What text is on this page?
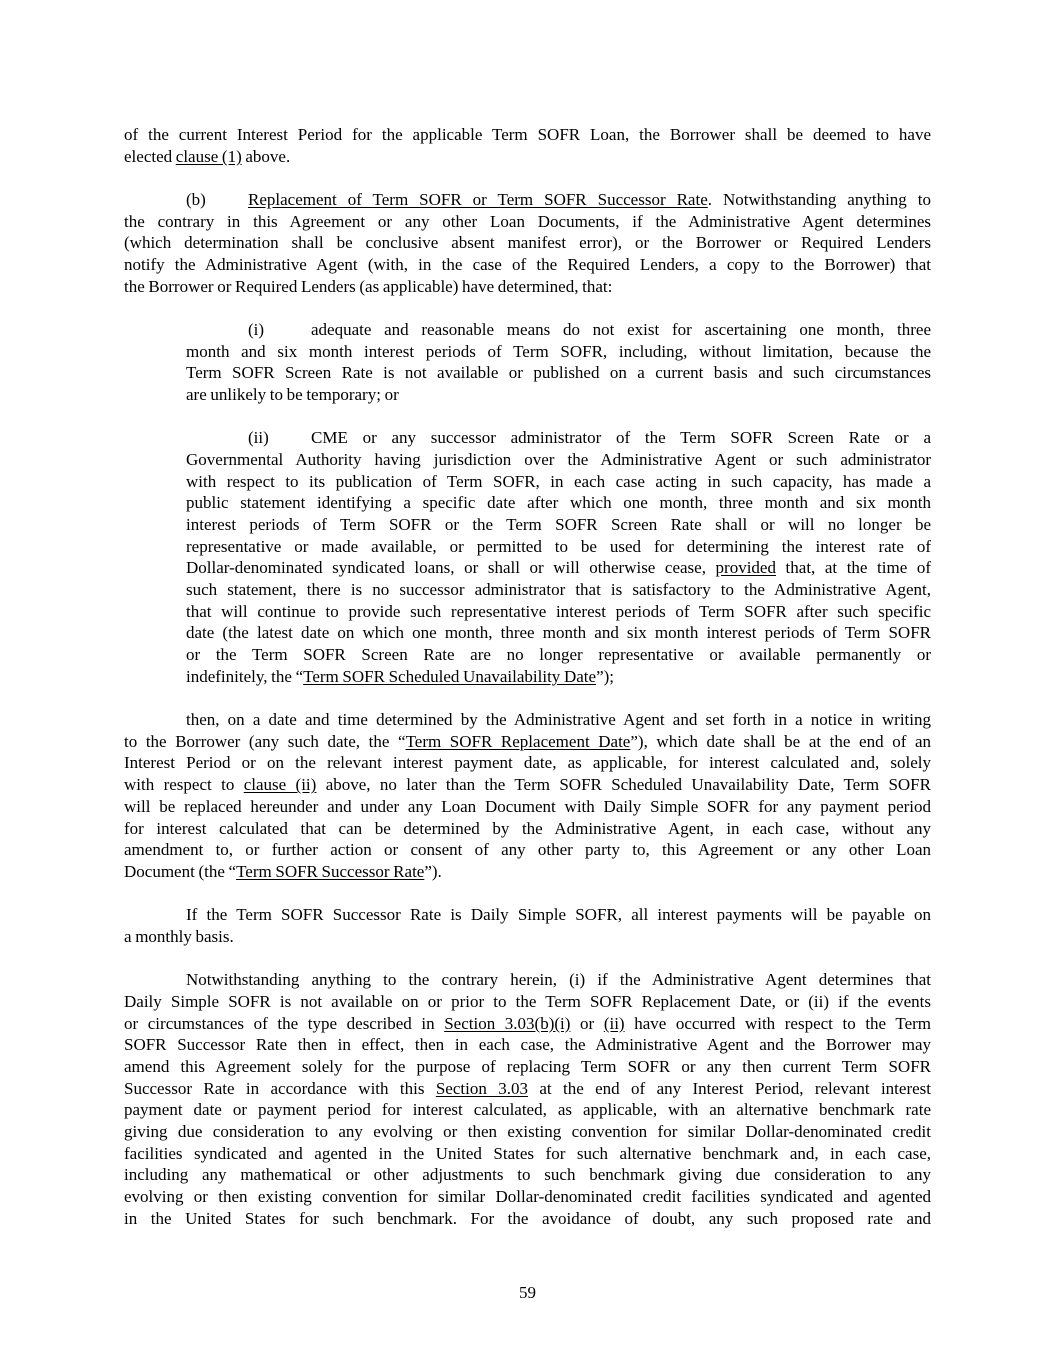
of the current Interest Period for the applicable Term SOFR Loan, the Borrower shall be deemed to have
elected clause (1) above.
(b) Replacement of Term SOFR or Term SOFR Successor Rate. Notwithstanding anything to
the contrary in this Agreement or any other Loan Documents, if the Administrative Agent determines
(which determination shall be conclusive absent manifest error), or the Borrower or Required Lenders
notify the Administrative Agent (with, in the case of the Required Lenders, a copy to the Borrower) that
the Borrower or Required Lenders (as applicable) have determined, that:
(i)	adequate and reasonable means do not exist for ascertaining one month, three
month and six month interest periods of Term SOFR, including, without limitation, because the
Term SOFR Screen Rate is not available or published on a current basis and such circumstances
are unlikely to be temporary; or
(ii) CME or any successor administrator of the Term SOFR Screen Rate or a
Governmental Authority having jurisdiction over the Administrative Agent or such administrator
with respect to its publication of Term SOFR, in each case acting in such capacity, has made a
public statement identifying a specific date after which one month, three month and six month
interest periods of Term SOFR or the Term SOFR Screen Rate shall or will no longer be
representative or made available, or permitted to be used for determining the interest rate of
Dollar-denominated syndicated loans, or shall or will otherwise cease, provided that, at the time of
such statement, there is no successor administrator that is satisfactory to the Administrative Agent,
that will continue to provide such representative interest periods of Term SOFR after such specific
date (the latest date on which one month, three month and six month interest periods of Term SOFR
or the Term SOFR Screen Rate are no longer representative or available permanently or
indefinitely, the “Term SOFR Scheduled Unavailability Date”);
then, on a date and time determined by the Administrative Agent and set forth in a notice in writing
to the Borrower (any such date, the “Term SOFR Replacement Date”), which date shall be at the end of an
Interest Period or on the relevant interest payment date, as applicable, for interest calculated and, solely
with respect to clause (ii) above, no later than the Term SOFR Scheduled Unavailability Date, Term SOFR
will be replaced hereunder and under any Loan Document with Daily Simple SOFR for any payment period
for interest calculated that can be determined by the Administrative Agent, in each case, without any
amendment to, or further action or consent of any other party to, this Agreement or any other Loan
Document (the “Term SOFR Successor Rate”).
If the Term SOFR Successor Rate is Daily Simple SOFR, all interest payments will be payable on
a monthly basis.
Notwithstanding anything to the contrary herein, (i) if the Administrative Agent determines that
Daily Simple SOFR is not available on or prior to the Term SOFR Replacement Date, or (ii) if the events
or circumstances of the type described in Section 3.03(b)(i) or (ii) have occurred with respect to the Term
SOFR Successor Rate then in effect, then in each case, the Administrative Agent and the Borrower may
amend this Agreement solely for the purpose of replacing Term SOFR or any then current Term SOFR
Successor Rate in accordance with this Section 3.03 at the end of any Interest Period, relevant interest
payment date or payment period for interest calculated, as applicable, with an alternative benchmark rate
giving due consideration to any evolving or then existing convention for similar Dollar-denominated credit
facilities syndicated and agented in the United States for such alternative benchmark and, in each case,
including any mathematical or other adjustments to such benchmark giving due consideration to any
evolving or then existing convention for similar Dollar-denominated credit facilities syndicated and agented
in the United States for such benchmark. For the avoidance of doubt, any such proposed rate and
59
